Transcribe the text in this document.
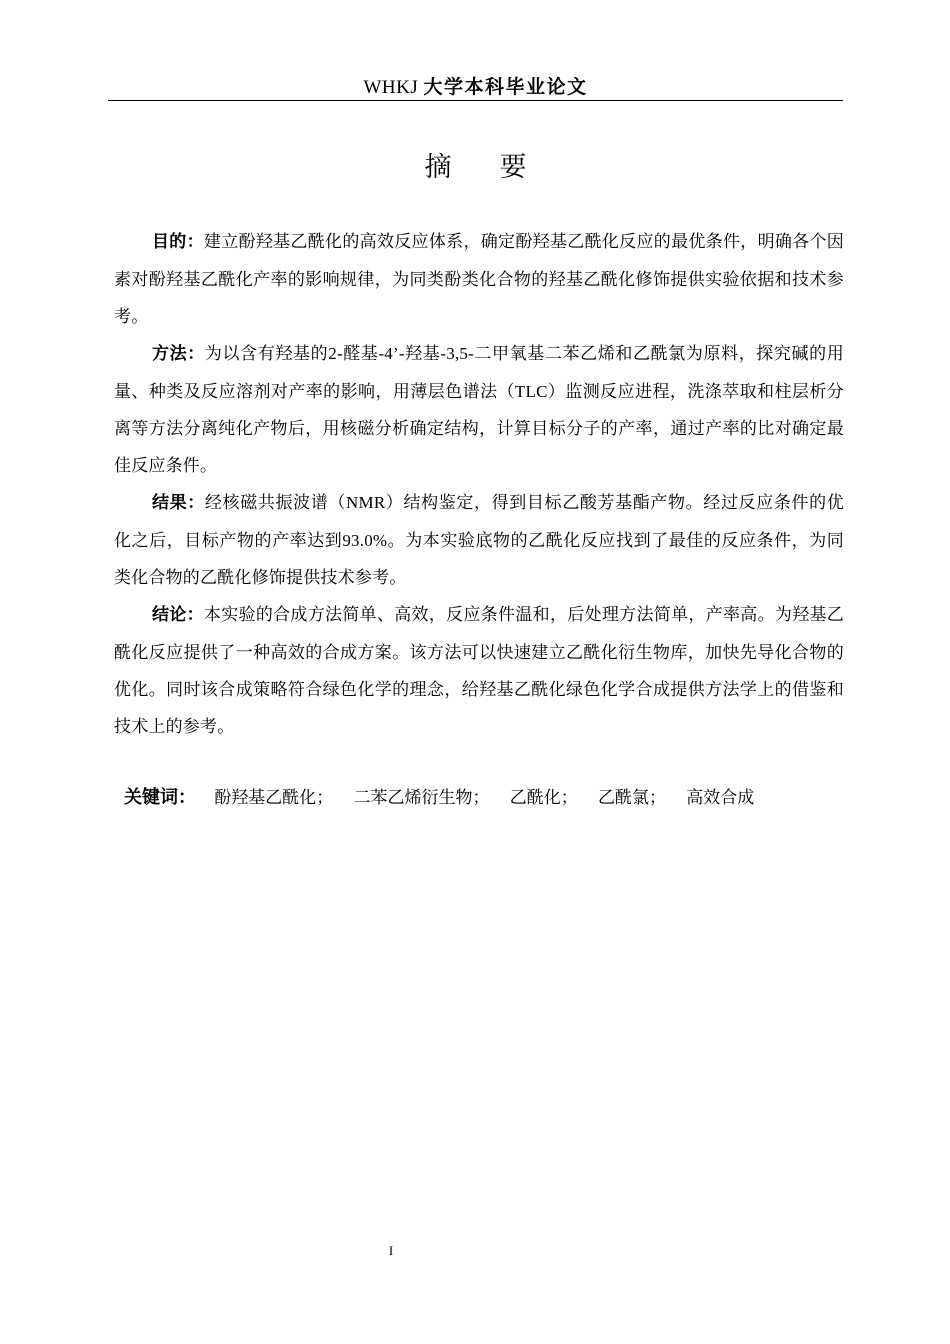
WHKJ 大学本科毕业论文
摘要

目的：建立酚羟基乙酰化的高效反应体系，确定酚羟基乙酰化反应的最优条件，明确各个因素对酚羟基乙酰化产率的影响规律，为同类酚类化合物的羟基乙酰化修饰提供实验依据和技术参考。

方法：为以含有羟基的2-醛基-4’-羟基-3,5-二甲氧基二苯乙烯和乙酰氯为原料，探究碱的用量、种类及反应溶剂对产率的影响，用薄层色谱法（TLC）监测反应进程，洗涤萃取和柱层析分离等方法分离纯化产物后，用核磁分析确定结构，计算目标分子的产率，通过产率的比对确定最佳反应条件。

结果：经核磁共振波谱（NMR）结构鉴定，得到目标乙酸芳基酯产物。经过反应条件的优化之后，目标产物的产率达到93.0%。为本实验底物的乙酰化反应找到了最佳的反应条件，为同类化合物的乙酰化修饰提供技术参考。

结论：本实验的合成方法简单、高效，反应条件温和，后处理方法简单，产率高。为羟基乙酰化反应提供了一种高效的合成方案。该方法可以快速建立乙酰化衍生物库，加快先导化合物的优化。同时该合成策略符合绿色化学的理念，给羟基乙酰化绿色化学合成提供方法学上的借鉴和技术上的参考。

关键词： 酚羟基乙酰化； 二苯乙烯衍生物； 乙酰化； 乙酰氯； 高效合成
I
